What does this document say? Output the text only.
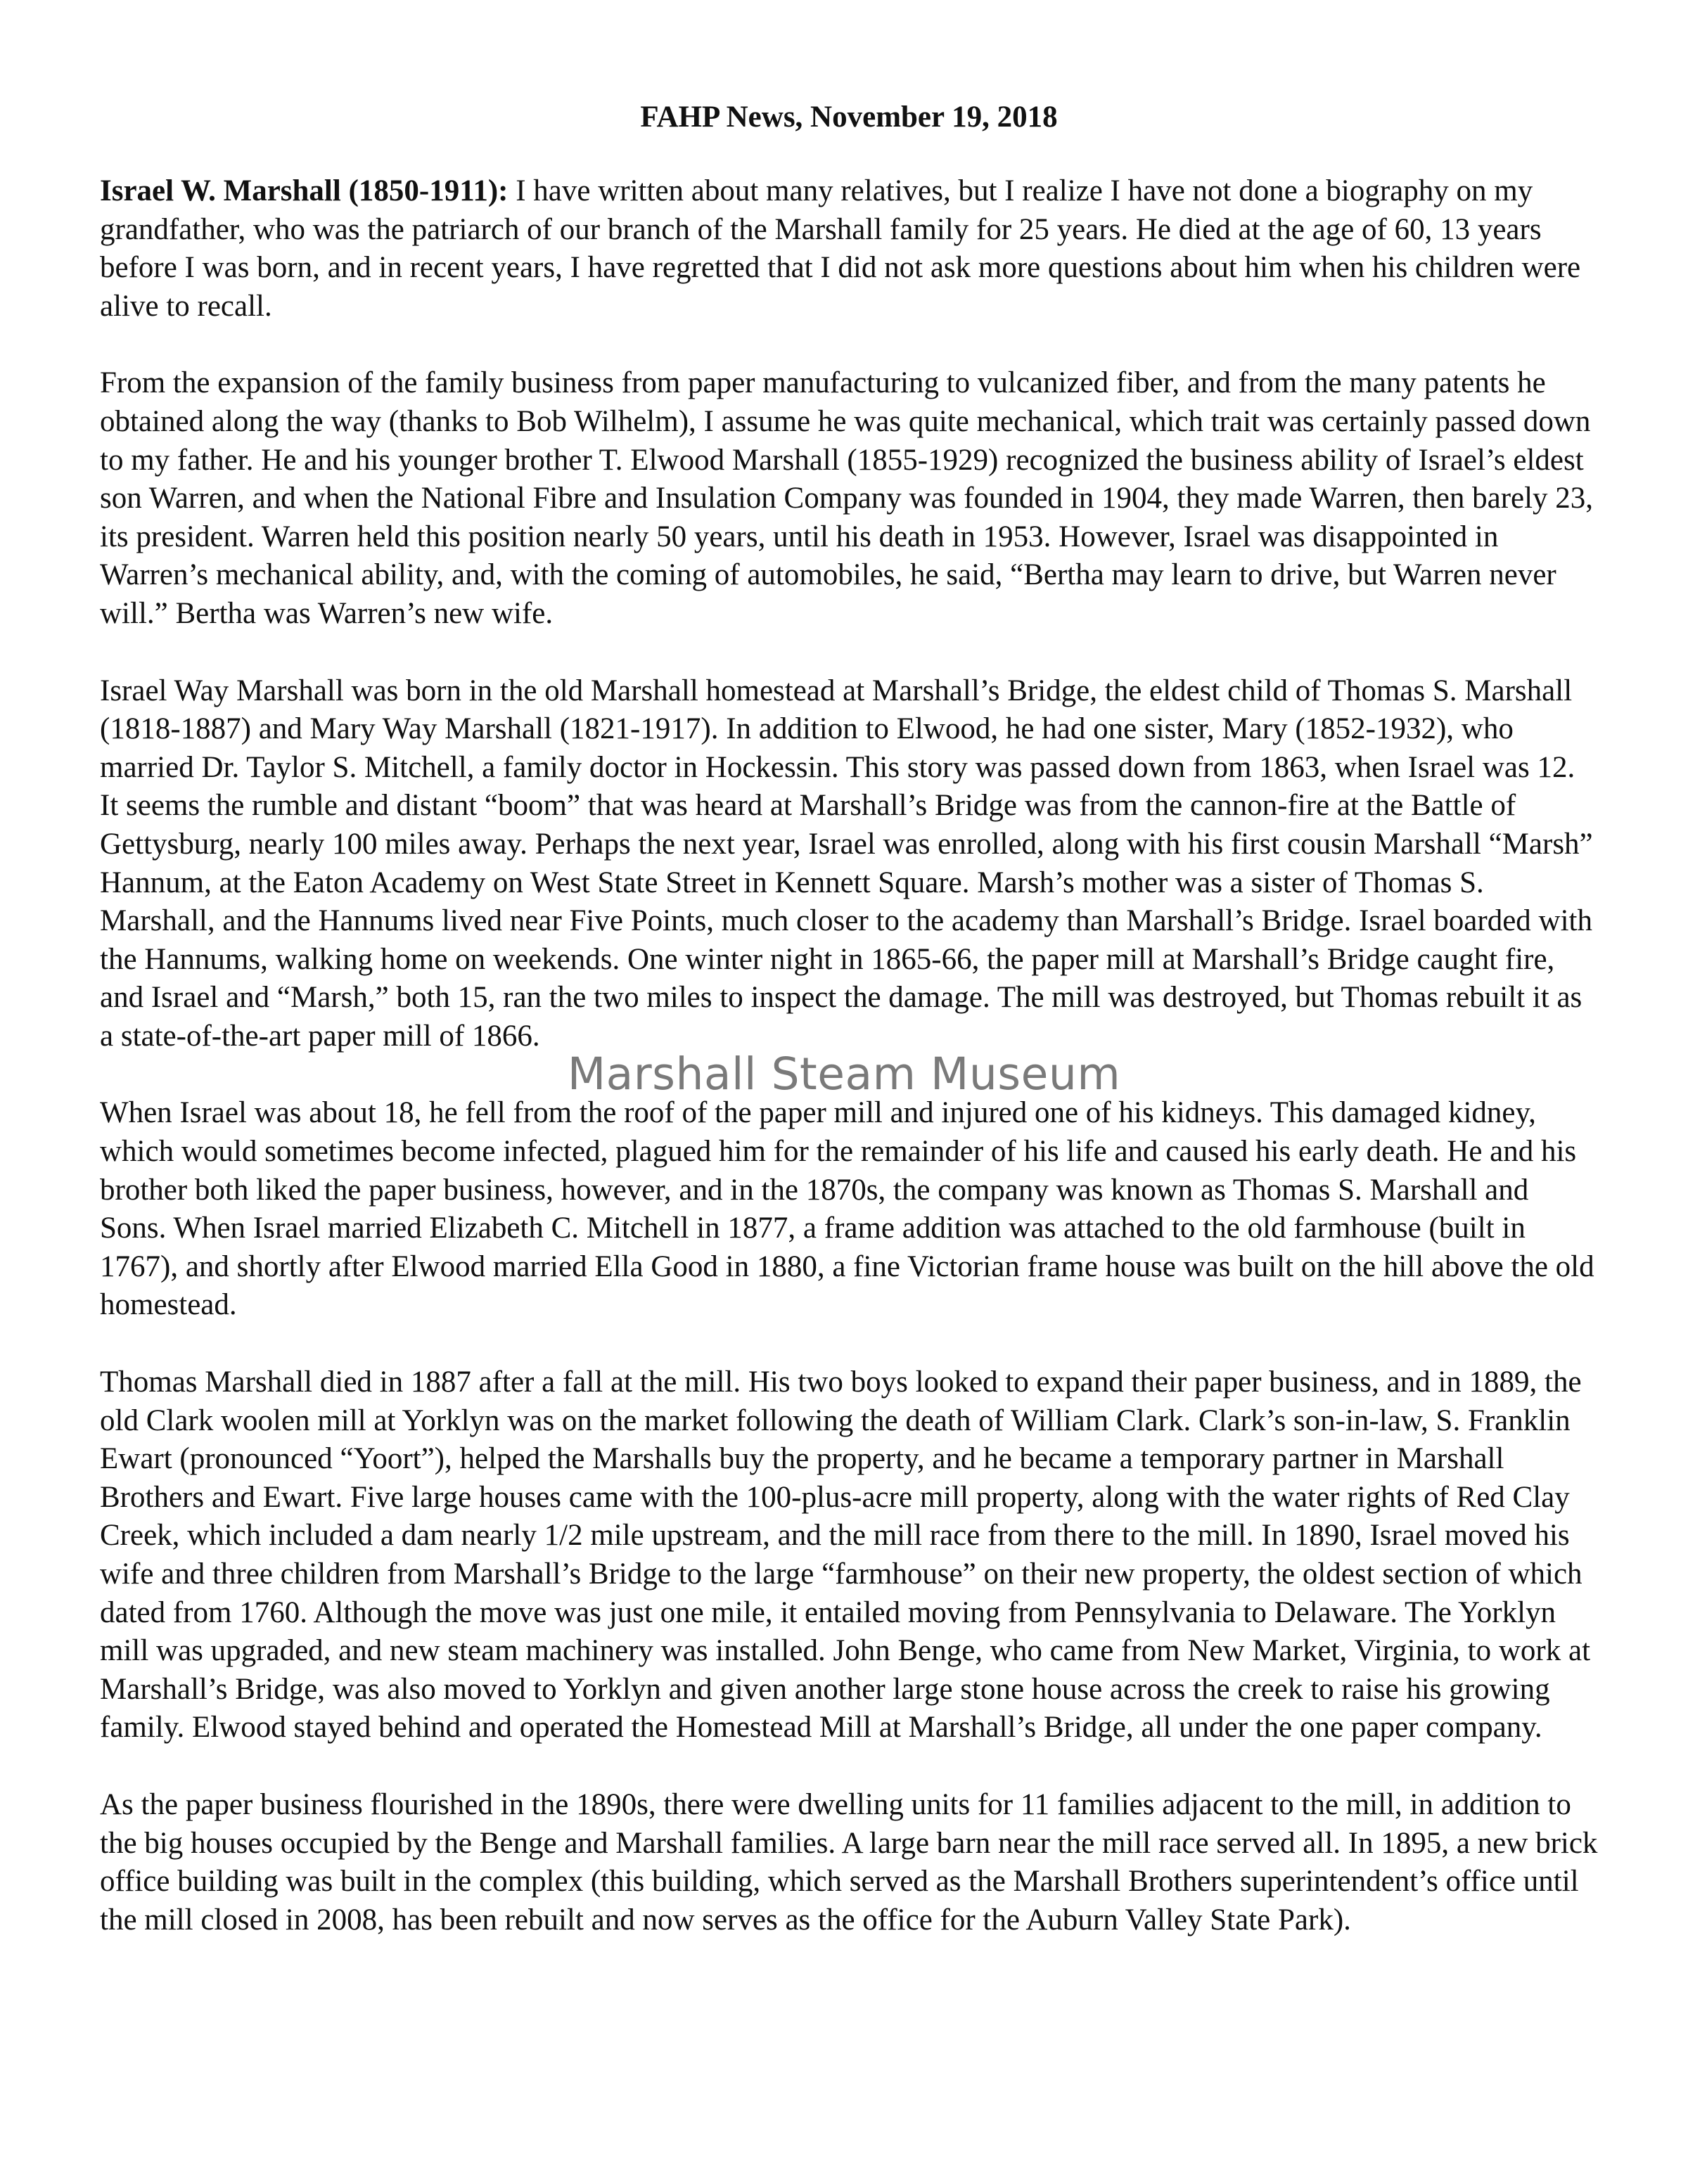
FAHP News, November 19, 2018

Israel W. Marshall (1850-1911): I have written about many relatives, but I realize I have not done a biography on my grandfather, who was the patriarch of our branch of the Marshall family for 25 years. He died at the age of 60, 13 years before I was born, and in recent years, I have regretted that I did not ask more questions about him when his children were alive to recall.

From the expansion of the family business from paper manufacturing to vulcanized fiber, and from the many patents he obtained along the way (thanks to Bob Wilhelm), I assume he was quite mechanical, which trait was certainly passed down to my father. He and his younger brother T. Elwood Marshall (1855-1929) recognized the business ability of Israel’s eldest son Warren, and when the National Fibre and Insulation Company was founded in 1904, they made Warren, then barely 23, its president. Warren held this position nearly 50 years, until his death in 1953. However, Israel was disappointed in Warren’s mechanical ability, and, with the coming of automobiles, he said, “Bertha may learn to drive, but Warren never will.” Bertha was Warren’s new wife.

Israel Way Marshall was born in the old Marshall homestead at Marshall’s Bridge, the eldest child of Thomas S. Marshall (1818-1887) and Mary Way Marshall (1821-1917). In addition to Elwood, he had one sister, Mary (1852-1932), who married Dr. Taylor S. Mitchell, a family doctor in Hockessin. This story was passed down from 1863, when Israel was 12. It seems the rumble and distant “boom” that was heard at Marshall’s Bridge was from the cannon-fire at the Battle of Gettysburg, nearly 100 miles away. Perhaps the next year, Israel was enrolled, along with his first cousin Marshall “Marsh” Hannum, at the Eaton Academy on West State Street in Kennett Square. Marsh’s mother was a sister of Thomas S. Marshall, and the Hannums lived near Five Points, much closer to the academy than Marshall’s Bridge. Israel boarded with the Hannums, walking home on weekends. One winter night in 1865-66, the paper mill at Marshall’s Bridge caught fire, and Israel and “Marsh,” both 15, ran the two miles to inspect the damage. The mill was destroyed, but Thomas rebuilt it as a state-of-the-art paper mill of 1866.

When Israel was about 18, he fell from the roof of the paper mill and injured one of his kidneys. This damaged kidney, which would sometimes become infected, plagued him for the remainder of his life and caused his early death. He and his brother both liked the paper business, however, and in the 1870s, the company was known as Thomas S. Marshall and Sons. When Israel married Elizabeth C. Mitchell in 1877, a frame addition was attached to the old farmhouse (built in 1767), and shortly after Elwood married Ella Good in 1880, a fine Victorian frame house was built on the hill above the old homestead.

Thomas Marshall died in 1887 after a fall at the mill. His two boys looked to expand their paper business, and in 1889, the old Clark woolen mill at Yorklyn was on the market following the death of William Clark. Clark’s son-in-law, S. Franklin Ewart (pronounced “Yoort”), helped the Marshalls buy the property, and he became a temporary partner in Marshall Brothers and Ewart. Five large houses came with the 100-plus-acre mill property, along with the water rights of Red Clay Creek, which included a dam nearly 1/2 mile upstream, and the mill race from there to the mill. In 1890, Israel moved his wife and three children from Marshall’s Bridge to the large “farmhouse” on their new property, the oldest section of which dated from 1760. Although the move was just one mile, it entailed moving from Pennsylvania to Delaware. The Yorklyn mill was upgraded, and new steam machinery was installed. John Benge, who came from New Market, Virginia, to work at Marshall’s Bridge, was also moved to Yorklyn and given another large stone house across the creek to raise his growing family. Elwood stayed behind and operated the Homestead Mill at Marshall’s Bridge, all under the one paper company.

As the paper business flourished in the 1890s, there were dwelling units for 11 families adjacent to the mill, in addition to the big houses occupied by the Benge and Marshall families. A large barn near the mill race served all. In 1895, a new brick office building was built in the complex (this building, which served as the Marshall Brothers superintendent’s office until the mill closed in 2008, has been rebuilt and now serves as the office for the Auburn Valley State Park).

Marshall Steam Museum
